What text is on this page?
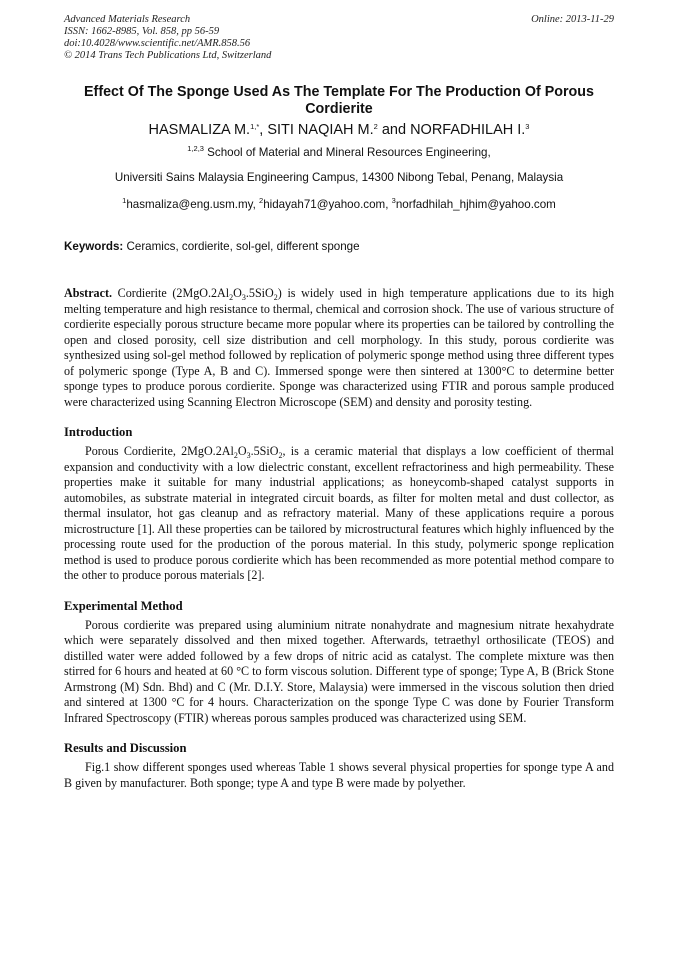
Advanced Materials Research
ISSN: 1662-8985, Vol. 858, pp 56-59
doi:10.4028/www.scientific.net/AMR.858.56
© 2014 Trans Tech Publications Ltd, Switzerland
Online: 2013-11-29
Effect Of The Sponge Used As The Template For The Production Of Porous Cordierite
HASMALIZA M.$^{1,*}$, SITI NAQIAH M.$^2$ and NORFADHILAH I.$^3$
$^{1,2,3}$ School of Material and Mineral Resources Engineering,
Universiti Sains Malaysia Engineering Campus, 14300 Nibong Tebal, Penang, Malaysia
$^1$hasmaliza@eng.usm.my, $^2$hidayah71@yahoo.com, $^3$norfadhilah_hjhim@yahoo.com
Keywords: Ceramics, cordierite, sol-gel, different sponge
Abstract. Cordierite $(2MgO.2Al_2O_3.5SiO_2)$ is widely used in high temperature applications due to its high melting temperature and high resistance to thermal, chemical and corrosion shock. The use of various structure of cordierite especially porous structure became more popular where its properties can be tailored by controlling the open and closed porosity, cell size distribution and cell morphology. In this study, porous cordierite was synthesized using sol-gel method followed by replication of polymeric sponge method using three different types of polymeric sponge (Type A, B and C). Immersed sponge were then sintered at 1300°C to determine better sponge types to produce porous cordierite. Sponge was characterized using FTIR and porous sample produced were characterized using Scanning Electron Microscope (SEM) and density and porosity testing.
Introduction
Porous Cordierite, $2MgO.2Al_2O_3.5SiO_2$, is a ceramic material that displays a low coefficient of thermal expansion and conductivity with a low dielectric constant, excellent refractoriness and high permeability. These properties make it suitable for many industrial applications; as honeycomb-shaped catalyst supports in automobiles, as substrate material in integrated circuit boards, as filter for molten metal and dust collector, as thermal insulator, hot gas cleanup and as refractory material. Many of these applications require a porous microstructure [1]. All these properties can be tailored by microstructural features which highly influenced by the processing route used for the production of the porous material. In this study, polymeric sponge replication method is used to produce porous cordierite which has been recommended as more potential method compare to the other to produce porous materials [2].
Experimental Method
Porous cordierite was prepared using aluminium nitrate nonahydrate and magnesium nitrate hexahydrate which were separately dissolved and then mixed together. Afterwards, tetraethyl orthosilicate (TEOS) and distilled water were added followed by a few drops of nitric acid as catalyst. The complete mixture was then stirred for 6 hours and heated at 60 °C to form viscous solution. Different type of sponge; Type A, B (Brick Stone Armstrong (M) Sdn. Bhd) and C (Mr. D.I.Y. Store, Malaysia) were immersed in the viscous solution then dried and sintered at 1300 °C for 4 hours. Characterization on the sponge Type C was done by Fourier Transform Infrared Spectroscopy (FTIR) whereas porous samples produced was characterized using SEM.
Results and Discussion
Fig.1 show different sponges used whereas Table 1 shows several physical properties for sponge type A and B given by manufacturer. Both sponge; type A and type B were made by polyether.
